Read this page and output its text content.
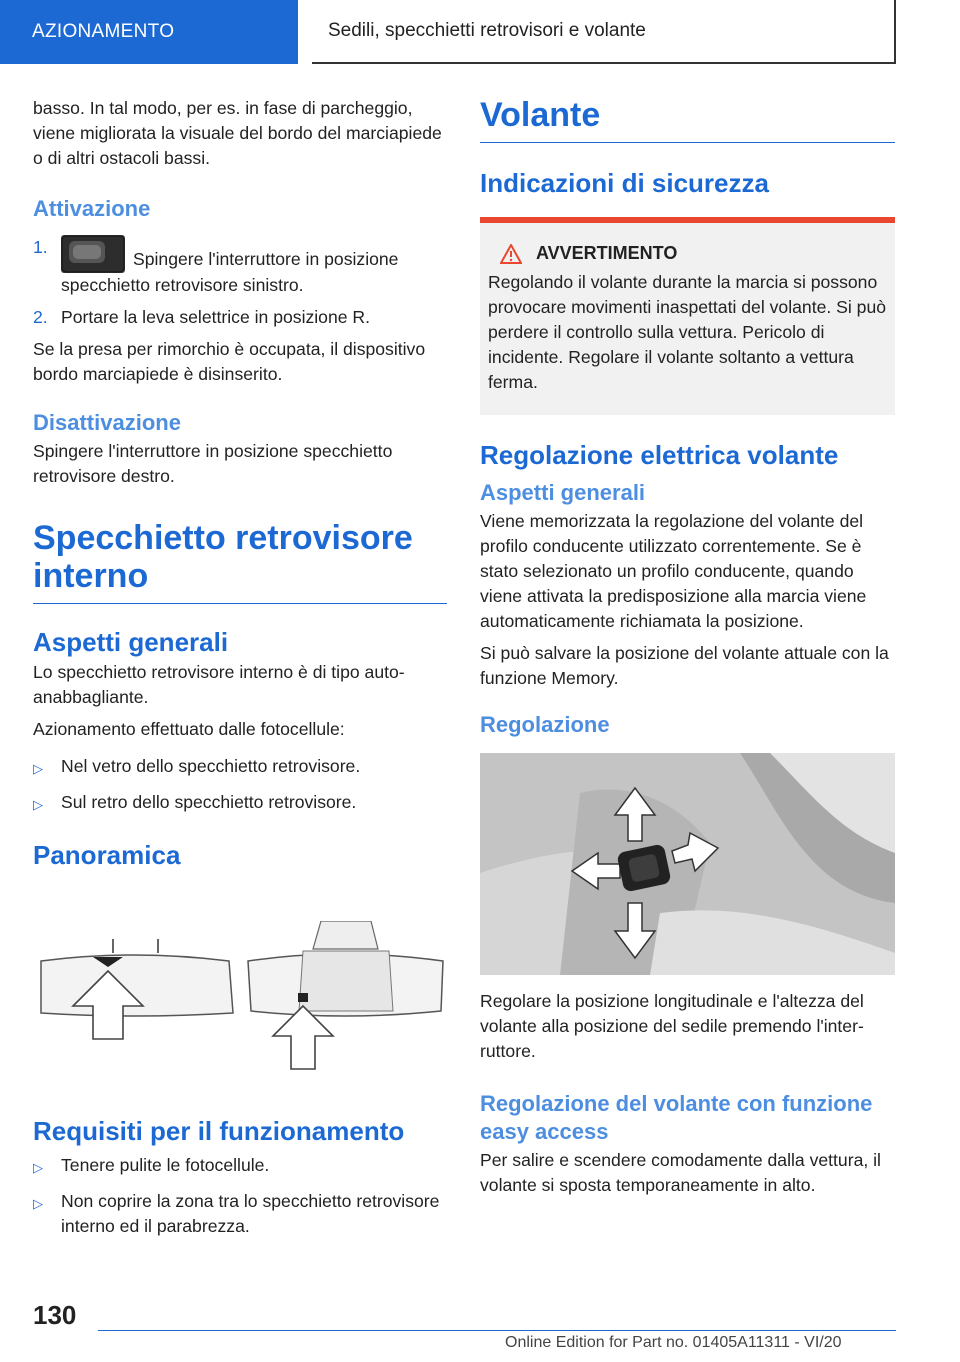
AZIONAMENTO	Sedili, specchietti retrovisori e volante

basso. In tal modo, per es. in fase di parcheggio, viene migliorata la visuale del bordo del marciapiede o di altri ostacoli bassi.

Attivazione
1.
Spingere l'interruttore in posizione specchietto retrovisore sinistro.
2. Portare la leva selettrice in posizione R.

Se la presa per rimorchio è occupata, il dispositivo bordo marciapiede è disinserito.

Disattivazione

Spingere l'interruttore in posizione specchietto retrovisore destro.

Specchietto retrovisore interno
Aspetti generali

Lo specchietto retrovisore interno è di tipo autoanabbagliante.

Azionamento effettuato dalle fotocellule:

▷	Nel vetro dello specchietto retrovisore.
▷	Sul retro dello specchietto retrovisore.
Panoramica
Requisiti per il funzionamento
▷	Tenere pulite le fotocellule.
▷	Non coprire la zona tra lo specchietto retrovisore interno ed il parabrezza.
Volante
Indicazioni di sicurezza
AVVERTIMENTO

Regolando il volante durante la marcia si possono provocare movimenti inaspettati del volante. Si può perdere il controllo sulla vettura. Pericolo di incidente. Regolare il volante soltanto a vettura ferma.

Regolazione elettrica volante
Aspetti generali

Viene memorizzata la regolazione del volante del profilo conducente utilizzato correntemente. Se è stato selezionato un profilo conducente, quando viene attivata la predisposizione alla marcia viene automaticamente richiamata la posizione.

Si può salvare la posizione del volante attuale con la funzione Memory.

Regolazione

Regolare la posizione longitudinale e l'altezza del volante alla posizione del sedile premendo l'interruttore.

Regolazione del volante con funzione easy access

Per salire e scendere comodamente dalla vettura, il volante si sposta temporaneamente in alto.

130
Online Edition for Part no. 01405A11311 - VI/20
